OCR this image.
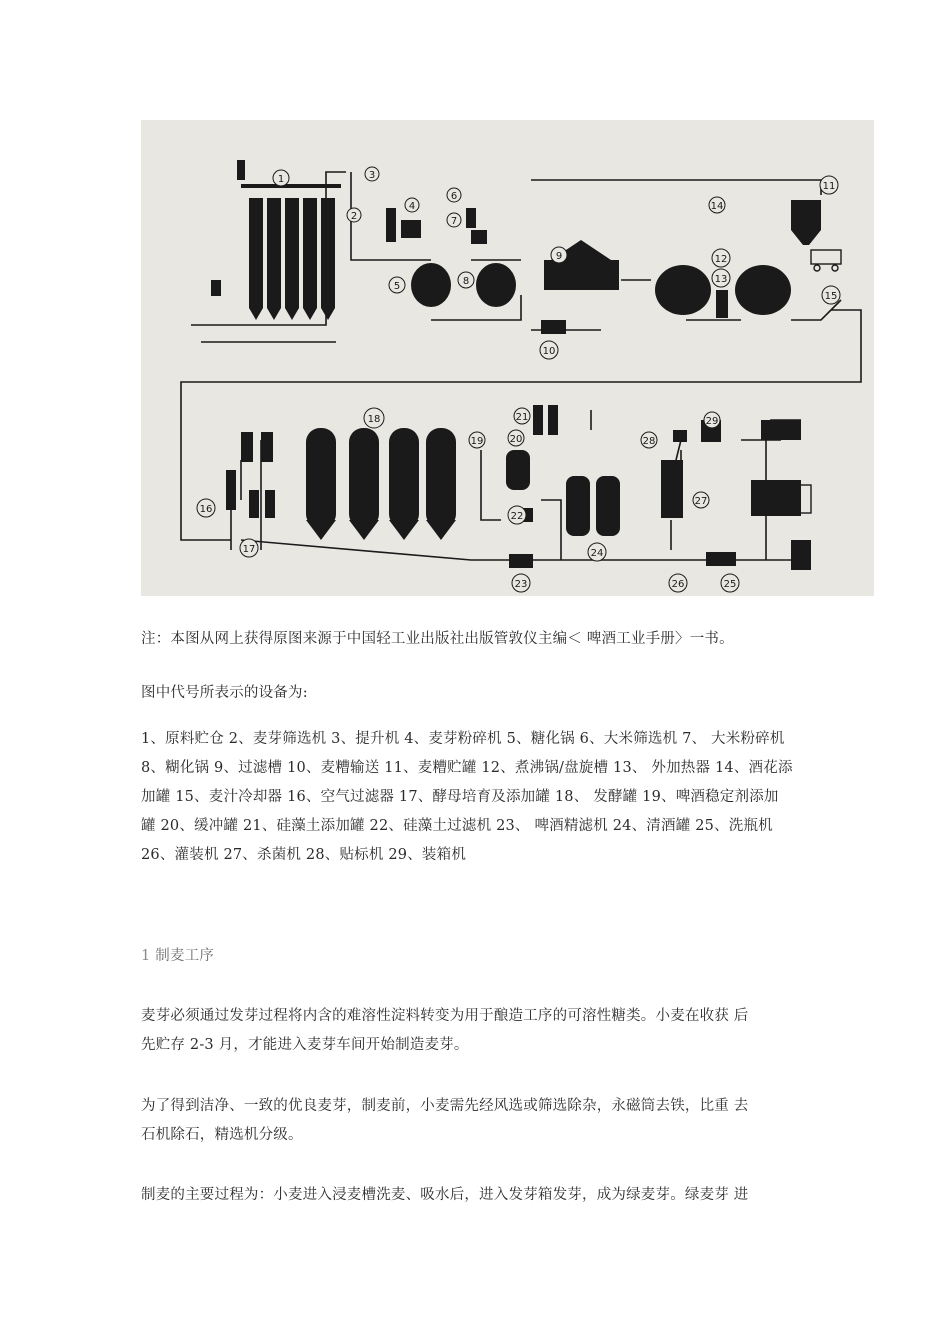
1
2
3
4
5
6
7
8
9
10
11
12
13
14
15
16
17
18
19	20
21
22
23
24
25
26
27
28
29
注：本图从网上获得原图来源于中国轻工业出版社出版管敦仪主编＜ 啤酒工业手册〉一书。
图中代号所表示的设备为:
1、原料贮仓 2、麦芽筛选机 3、提升机 4、麦芽粉碎机 5、糖化锅 6、大米筛选机 7、 大米粉碎机
8、糊化锅 9、过滤槽 10、麦糟输送 11、麦糟贮罐 12、煮沸锅/盘旋槽 13、 外加热器 14、酒花添
加罐 15、麦汁冷却器 16、空气过滤器 17、酵母培育及添加罐 18、 发酵罐 19、啤酒稳定剂添加
罐 20、缓冲罐 21、硅藻土添加罐 22、硅藻土过滤机 23、 啤酒精滤机 24、清酒罐 25、洗瓶机
26、灌装机 27、杀菌机 28、贴标机 29、装箱机
1 制麦工序
麦芽必须通过发芽过程将内含的难溶性淀料转变为用于酿造工序的可溶性糖类。小麦在收获 后
先贮存 2-3 月，才能进入麦芽车间开始制造麦芽。
为了得到洁净、一致的优良麦芽，制麦前，小麦需先经风选或筛选除杂，永磁筒去铁，比重 去
石机除石，精选机分级。
制麦的主要过程为：小麦进入浸麦槽洗麦、吸水后，进入发芽箱发芽，成为绿麦芽。绿麦芽 进
